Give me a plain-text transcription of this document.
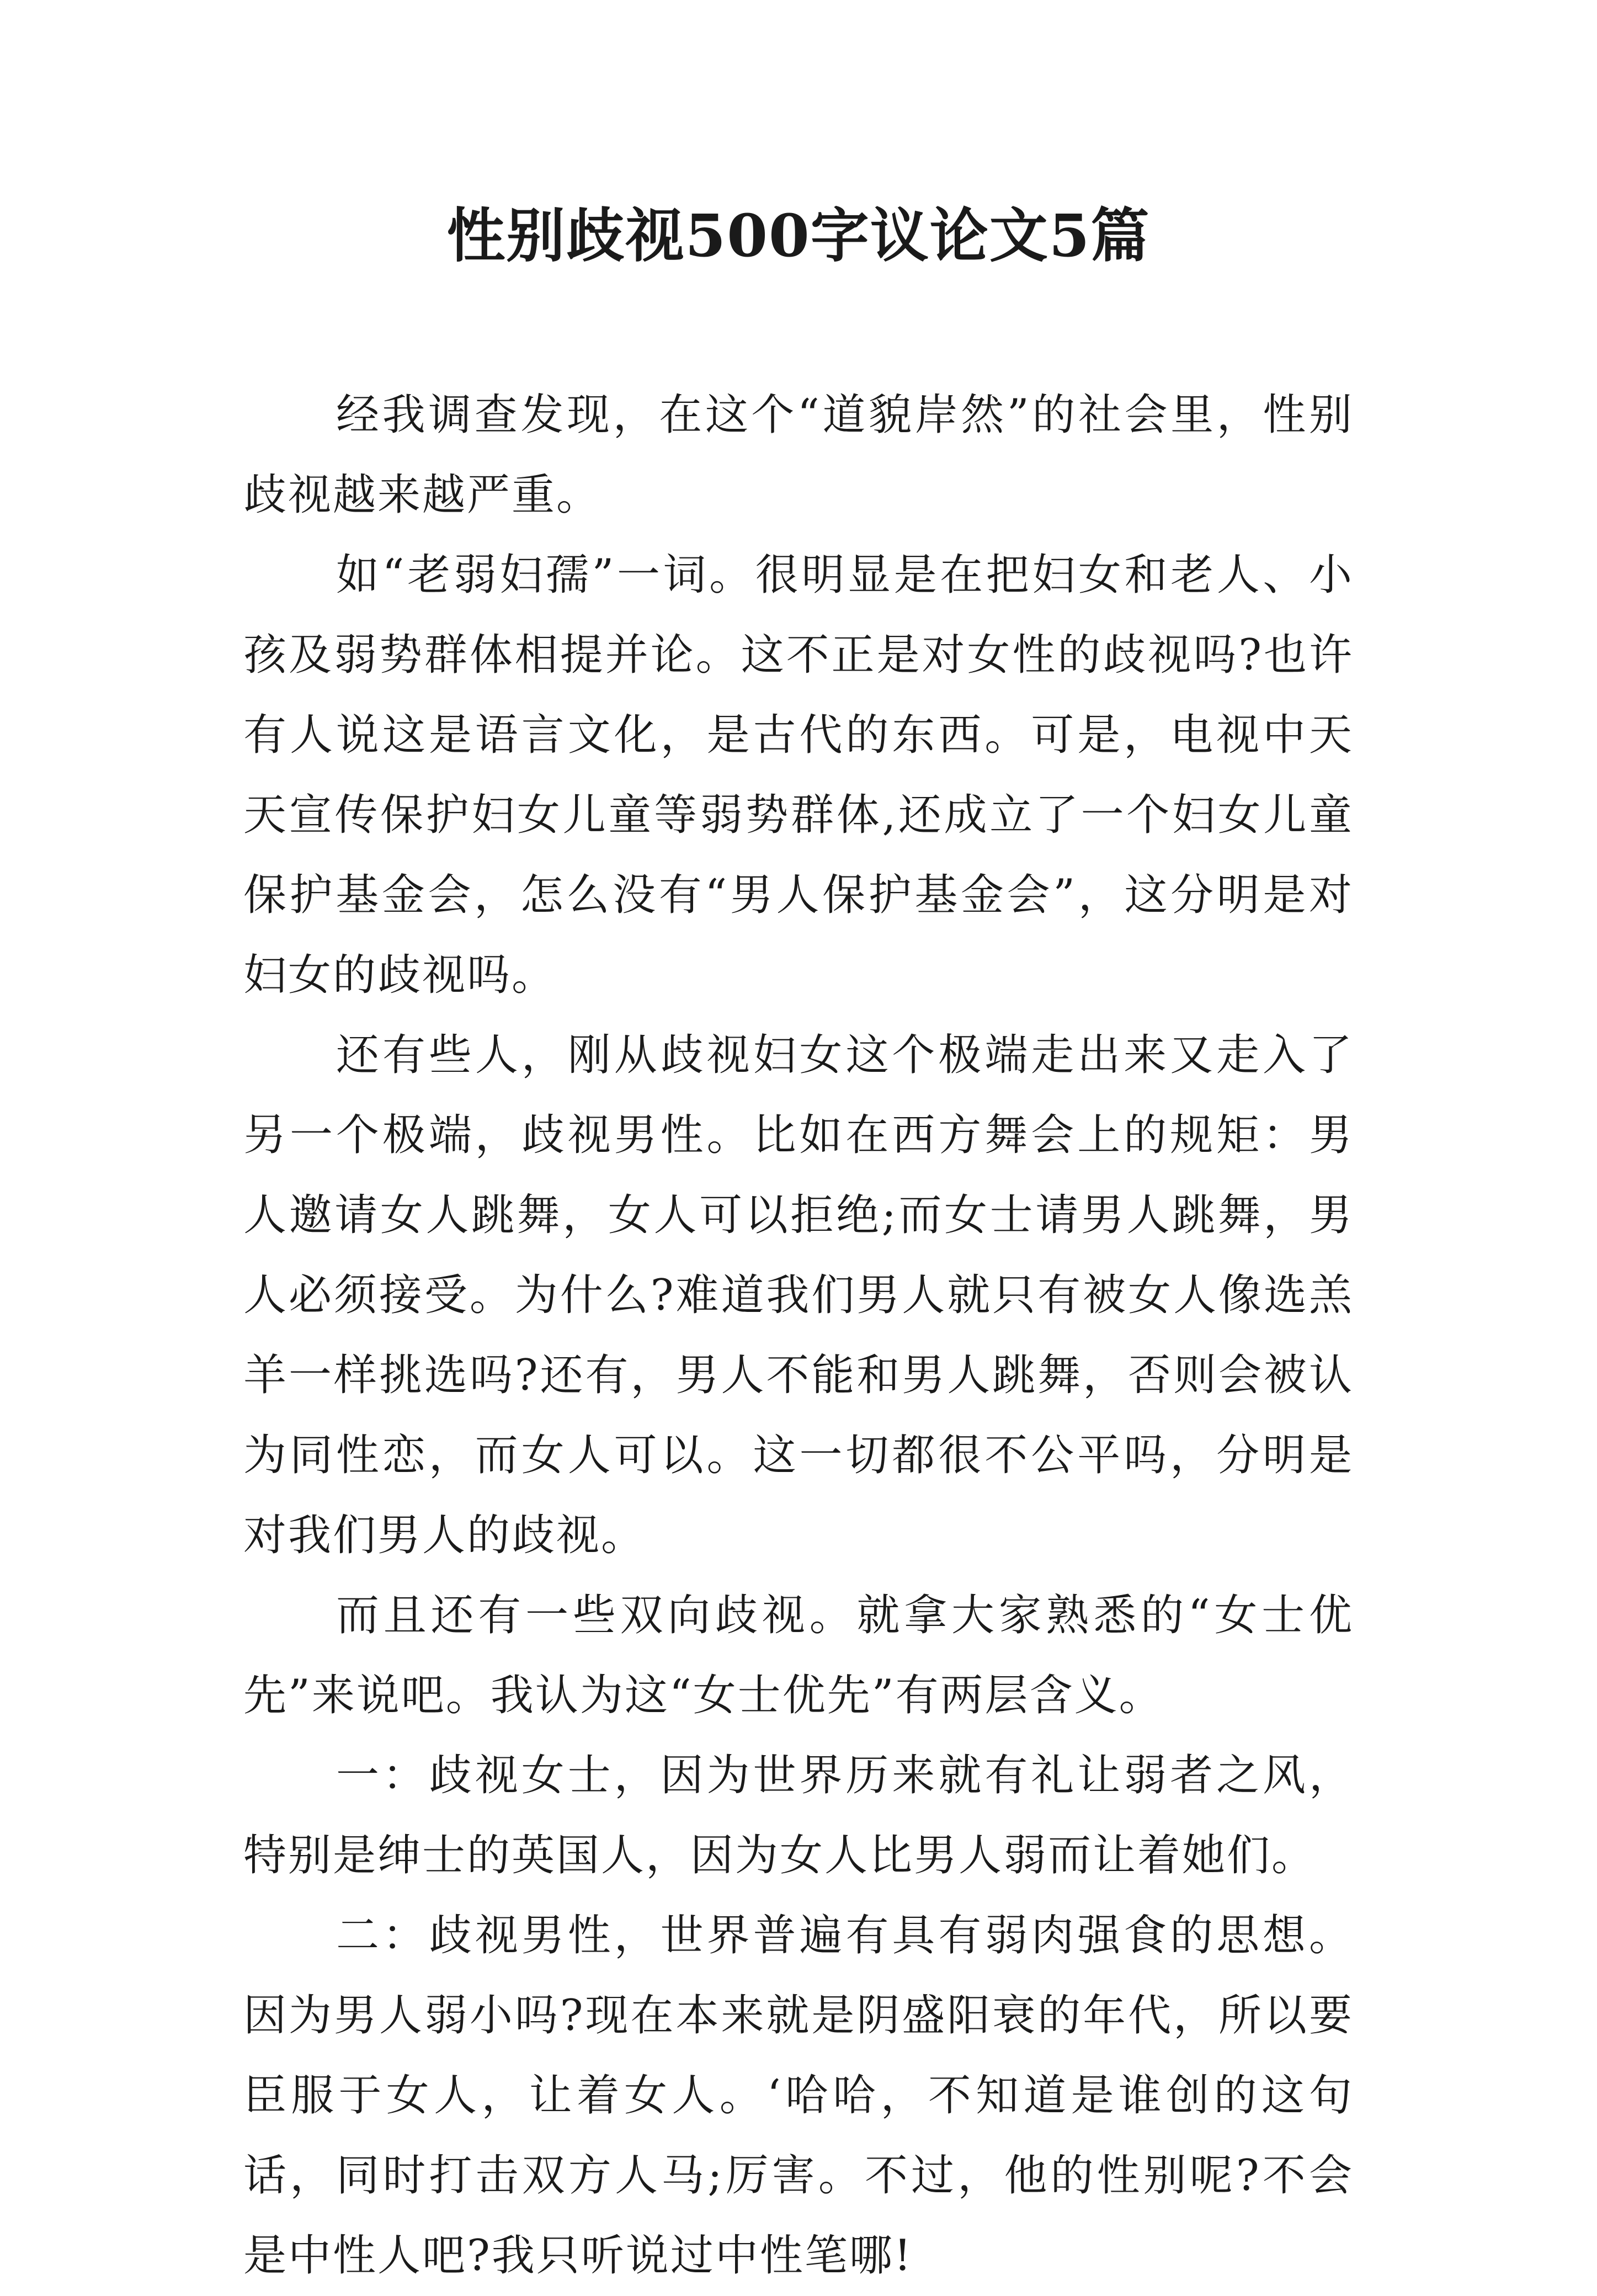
性别歧视500字议论文5篇

经我调查发现，在这个“道貌岸然”的社会里，性别歧视越来越严重。

如“老弱妇孺”一词。很明显是在把妇女和老人、小孩及弱势群体相提并论。这不正是对女性的歧视吗?也许有人说这是语言文化，是古代的东西。可是，电视中天天宣传保护妇女儿童等弱势群体,还成立了一个妇女儿童保护基金会，怎么没有“男人保护基金会”，这分明是对妇女的歧视吗。

还有些人，刚从歧视妇女这个极端走出来又走入了另一个极端，歧视男性。比如在西方舞会上的规矩：男人邀请女人跳舞，女人可以拒绝;而女士请男人跳舞，男人必须接受。为什么?难道我们男人就只有被女人像选羔羊一样挑选吗?还有，男人不能和男人跳舞，否则会被认为同性恋，而女人可以。这一切都很不公平吗，分明是对我们男人的歧视。

而且还有一些双向歧视。就拿大家熟悉的“女士优先”来说吧。我认为这“女士优先”有两层含义。

一：歧视女士，因为世界历来就有礼让弱者之风，特别是绅士的英国人，因为女人比男人弱而让着她们。

二：歧视男性，世界普遍有具有弱肉强食的思想。因为男人弱小吗?现在本来就是阴盛阳衰的年代，所以要臣服于女人，让着女人。‘哈哈，不知道是谁创的这句话，同时打击双方人马;厉害。不过，他的性别呢?不会是中性人吧?我只听说过中性笔哪!
